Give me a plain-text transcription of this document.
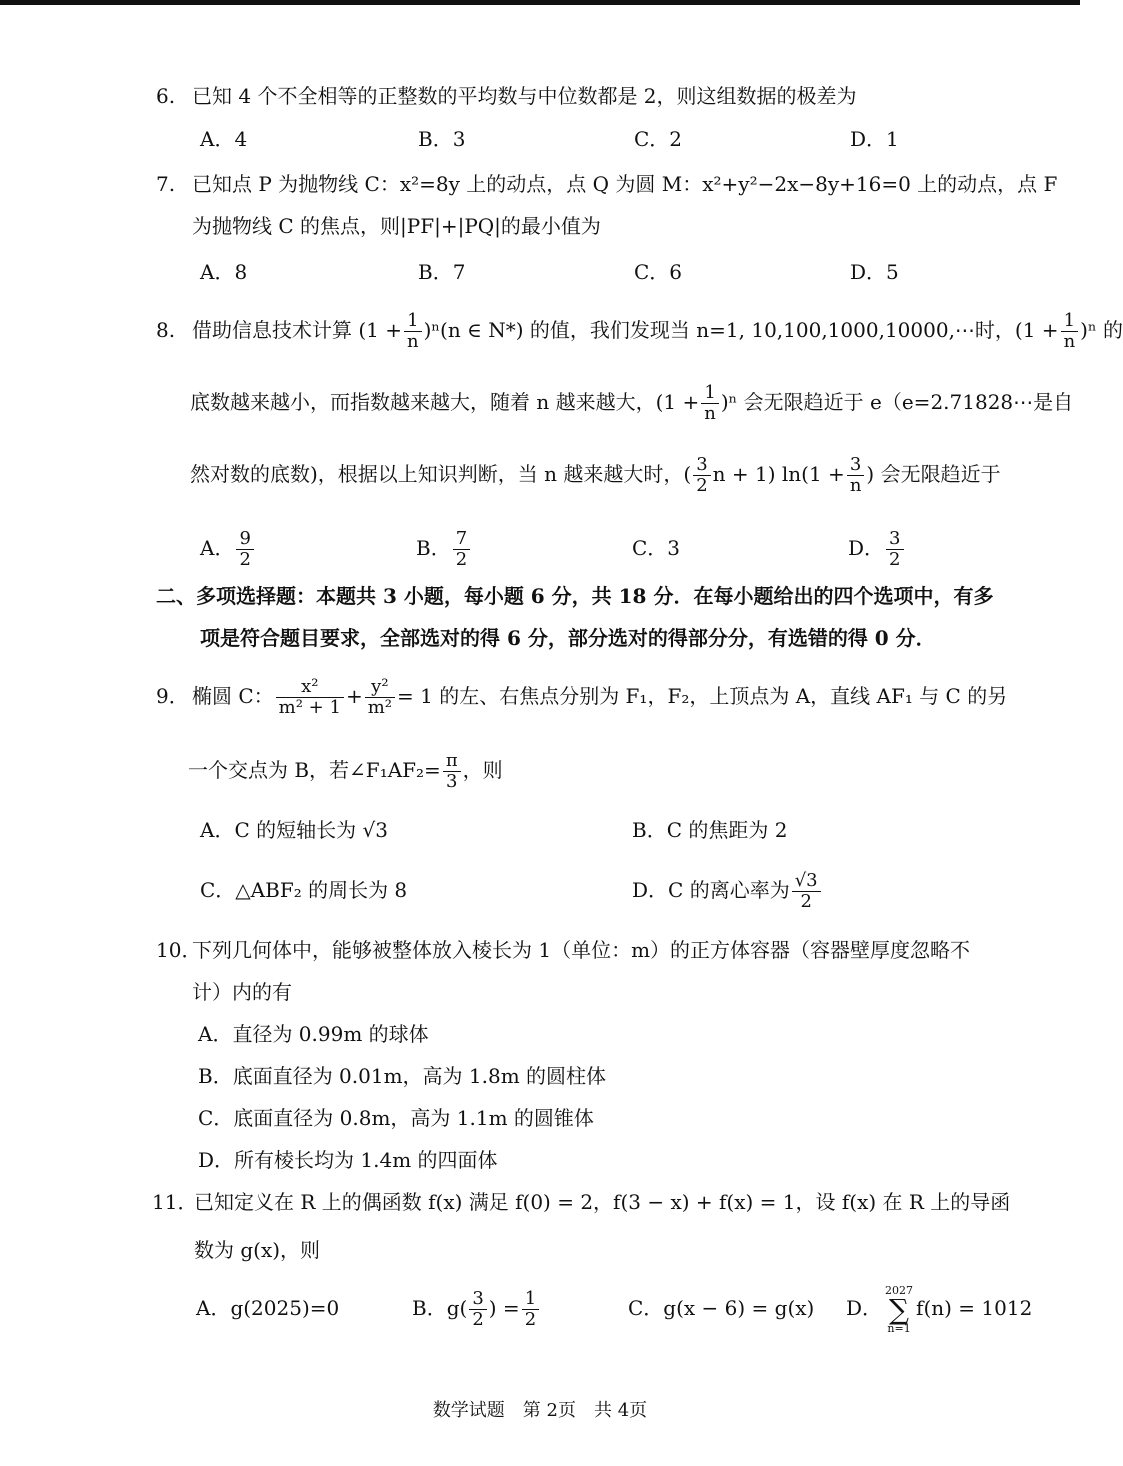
6. 已知 4 个不全相等的正整数的平均数与中位数都是 2，则这组数据的极差为
A．4	B．3	C．2	D．1
7. 已知点 P 为抛物线 C：x²=8y 上的动点，点 Q 为圆 M：x²+y²−2x−8y+16=0 上的动点，点 F
为抛物线 C 的焦点，则|PF|+|PQ|的最小值为
A．8	B．7	C．6	D．5
8. 借助信息技术计算 $(1 + \frac{1}{n} )^n(n$ ∈ N*) 的值，我们发现当 n=1, 10,100,1000,10000,⋯时，$(1 + \frac{1}{n} )^n$ 的
底数越来越小，而指数越来越大，随着 n 越来越大，$(1 + \frac{1}{n} )^n$ 会无限趋近于 e（e=2.71828⋯是自
然对数的底数)，根据以上知识判断，当 n 越来越大时，( $\frac{3}{2}$ n + 1) $\ln(1 + \frac{3}{n}$ ) 会无限趋近于
A． $\frac{9}{2}$	B． $\frac{7}{2}$	C．3	D． $\frac{3}{2}$
二、多项选择题：本题共 3 小题，每小题 6 分，共 18 分．在每小题给出的四个选项中，有多
项是符合题目要求，全部选对的得 6 分，部分选对的得部分分，有选错的得 0 分．
9． 椭圆 C： $\frac{\text{x²}}{\text{m² + 1}} + \frac{\text{y²}}{\text{m²}} = 1$ 的左、右焦点分别为 F₁，F₂，上顶点为 A，直线 AF₁ 与 C 的另
一个交点为 B，若∠F₁AF₂= $\frac{\pi}{3}$ ，则
A．C 的短轴长为 √3	B．C 的焦距为 2
C．△ABF₂ 的周长为 8	D．C 的离心率为 $\frac{√3}{2}$
10．下列几何体中，能够被整体放入棱长为 1（单位：m）的正方体容器（容器壁厚度忽略不
计）内的有
A．直径为 0.99m 的球体
B．底面直径为 0.01m，高为 1.8m 的圆柱体
C．底面直径为 0.8m，高为 1.1m 的圆锥体
D．所有棱长均为 1.4m 的四面体
11．已知定义在 R 上的偶函数 f(x) 满足 f(0) = 2，f(3 − x) + f(x) = 1，设 f(x) 在 R 上的导函
数为 g(x)，则
A．g(2025)=0	B．$g( \frac{3}{2}$ ) = $\frac{1}{2}$	C．g(x − 6) = g(x) D．2027
∑
n=1f(n) = 1012
数学试题　第 2页　共 4页
